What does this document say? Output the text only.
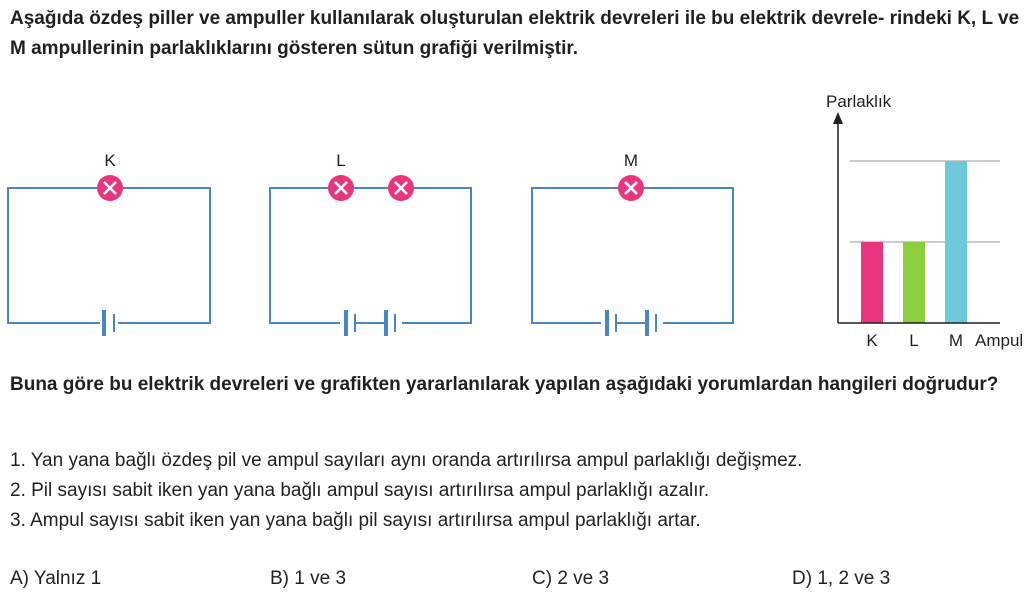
Aşağıda özdeş piller ve ampuller kullanılarak oluşturulan elektrik devreleri ile bu elektrik devrele- rindeki K, L ve M ampullerinin parlaklıklarını gösteren sütun grafiği verilmiştir.
K	L	M
Parlaklık
Ampul
K L M
Buna göre bu elektrik devreleri ve grafikten yararlanılarak yapılan aşağıdaki yorumlardan hangileri doğrudur?
1. Yan yana bağlı özdeş pil ve ampul sayıları aynı oranda artırılırsa ampul parlaklığı değişmez.
2. Pil sayısı sabit iken yan yana bağlı ampul sayısı artırılırsa ampul parlaklığı azalır.
3. Ampul sayısı sabit iken yan yana bağlı pil sayısı artırılırsa ampul parlaklığı artar.
A) Yalnız 1	B) 1 ve 3	C) 2 ve 3	D) 1, 2 ve 3
